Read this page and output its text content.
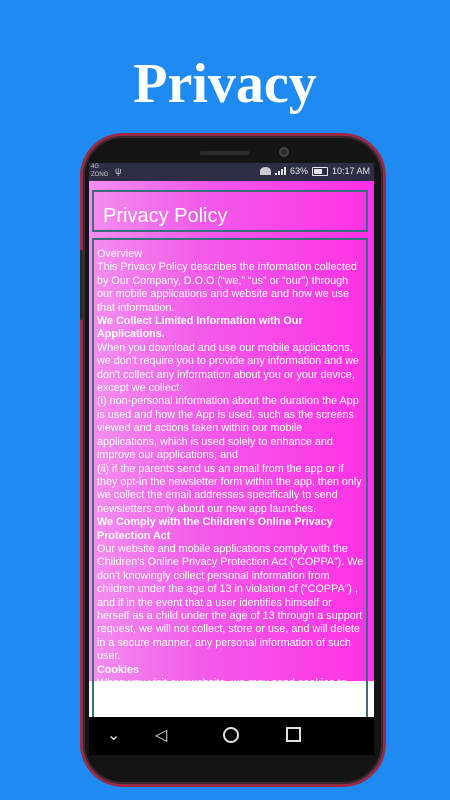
Privacy
4G
ZONG ψ	63%	10:17 AM
Privacy Policy

Overview

This Privacy Policy describes the information collected by Our Company, D.O.O (“we,” “us” or “our”) through our mobile applications and website and how we use that information.

We Collect Limited Information with Our Applications.

When you download and use our mobile applications, we don't require you to provide any information and we don't collect any information about you or your device, except we collect:

(i) non-personal information about the duration the App is used and how the App is used, such as the screens viewed and actions taken within our mobile applications, which is used solely to enhance and improve our applications; and

(ii) if the parents send us an email from the app or if they opt-in the newsletter form within the app, then only we collect the email addresses specifically to send newsletters only about our new app launches.

We Comply with the Children's Online Privacy Protection Act

Our website and mobile applications comply with the Children's Online Privacy Protection Act (“COPPA”). We don't knowingly collect personal information from children under the age of 13 in violation of (“COPPA”) , and if in the event that a user identifies himself or herself as a child under the age of 13 through a support request, we will not collect, store or use, and will delete in a secure manner, any personal information of such user.

Cookies

When you visit our website, we may send cookies to your computer that uniquely identify your browser.

⌄ ◁
